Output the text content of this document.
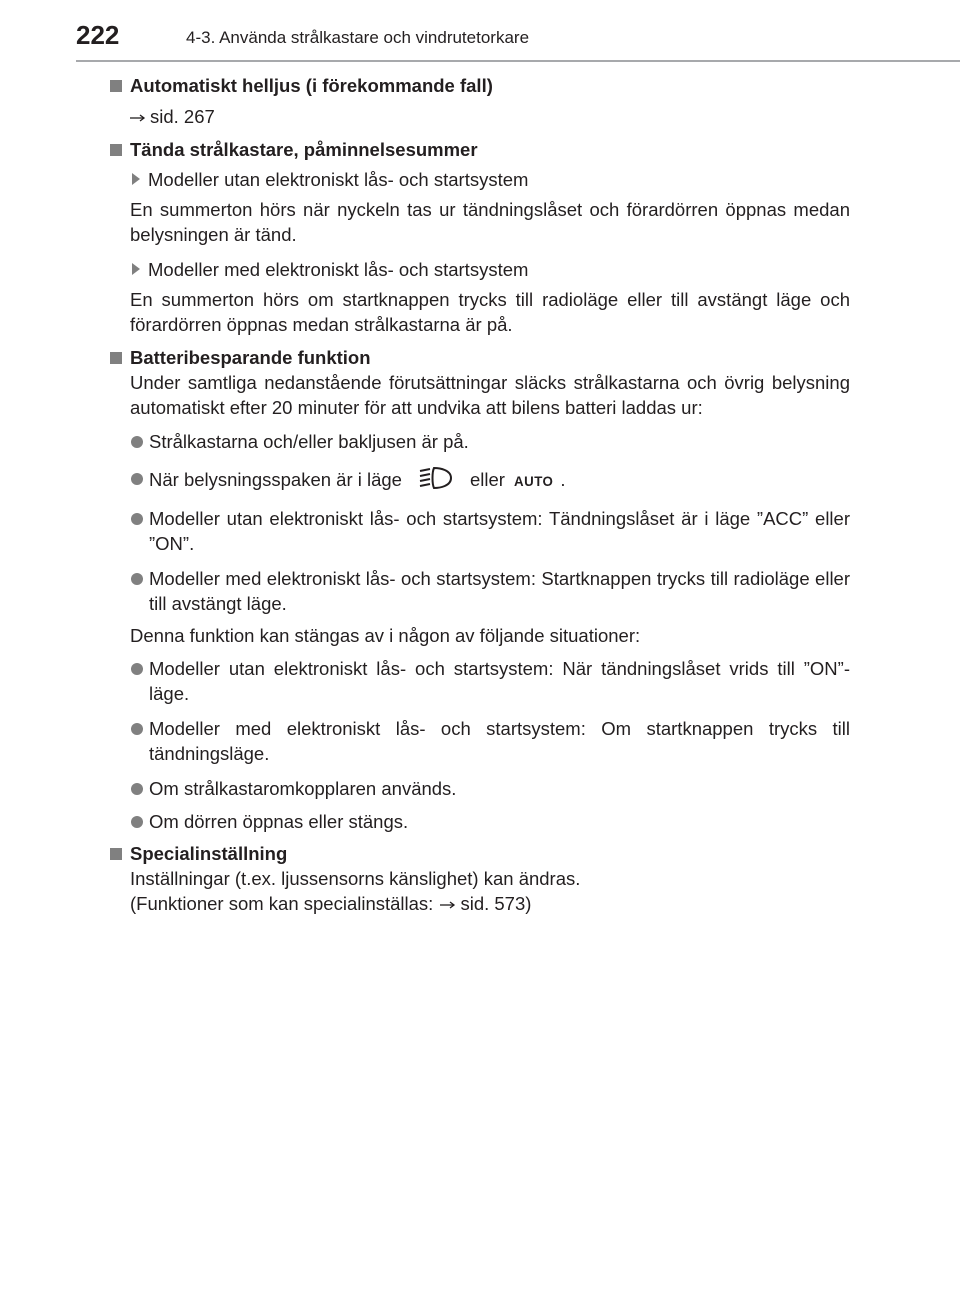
222	4-3. Använda strålkastare och vindrutetorkare
Automatiskt helljus (i förekommande fall)
sid. 267
Tända strålkastare, påminnelsesummer
Modeller utan elektroniskt lås- och startsystem
En summerton hörs när nyckeln tas ur tändningslåset och förardörren öppnas medan belysningen är tänd.
Modeller med elektroniskt lås- och startsystem
En summerton hörs om startknappen trycks till radioläge eller till avstängt läge och förardörren öppnas medan strålkastarna är på.
Batteribesparande funktion
Under samtliga nedanstående förutsättningar släcks strålkastarna och övrig belysning automatiskt efter 20 minuter för att undvika att bilens batteri laddas ur:
Strålkastarna och/eller bakljusen är på.
När belysningsspaken är i läge	eller AUTO .
Modeller utan elektroniskt lås- och startsystem: Tändningslåset är i läge ”ACC” eller ”ON”.
Modeller med elektroniskt lås- och startsystem: Startknappen trycks till radioläge eller till avstängt läge.
Denna funktion kan stängas av i någon av följande situationer:
Modeller utan elektroniskt lås- och startsystem: När tändningslåset vrids till ”ON”-läge.
Modeller med elektroniskt lås- och startsystem: Om startknappen trycks till tändningsläge.
Om strålkastaromkopplaren används.
Om dörren öppnas eller stängs.
Specialinställning
Inställningar (t.ex. ljussensorns känslighet) kan ändras.
(Funktioner som kan specialinställas: sid. 573)
